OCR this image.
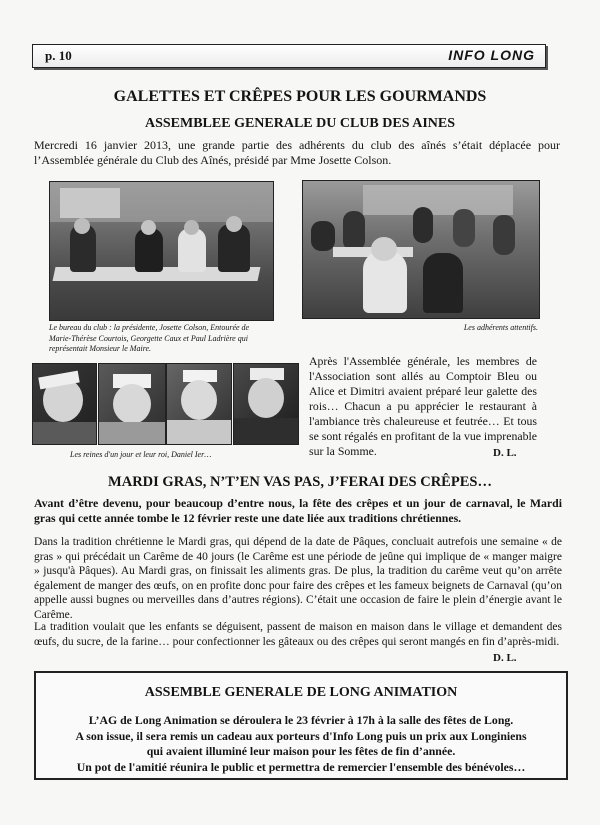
p. 10	INFO LONG
GALETTES ET CRÊPES POUR LES GOURMANDS
ASSEMBLEE GENERALE DU CLUB DES AINES
Mercredi 16 janvier 2013, une grande partie des adhérents du club des aînés s’était déplacée pour l’Assemblée générale du Club des Aînés, présidé par Mme Josette Colson.
Le bureau du club : la présidente, Josette Colson, Entourée de Marie-Thérèse Courtois, Georgette Caux et Paul Ladrière qui représentait Monsieur le Maire.
Les adhérents attentifs.
Les reines d'un jour et leur roi, Daniel Ier…
Après l'Assemblée générale, les membres de l'Association sont allés au Comptoir Bleu ou Alice et Dimitri avaient préparé leur galette des rois… Chacun a pu apprécier le restaurant à l'ambiance très chaleureuse et feutrée… Et tous se sont régalés en profitant de la vue imprenable sur la Somme.	D. L.
MARDI GRAS, N’T’EN VAS PAS, J’FERAI DES CRÊPES…
Avant d’être devenu, pour beaucoup d’entre nous, la fête des crêpes et un jour de carnaval, le Mardi gras qui cette année tombe le 12 février reste une date liée aux traditions chrétiennes.
Dans la tradition chrétienne le Mardi gras, qui dépend de la date de Pâques, concluait autrefois une semaine « de gras » qui précédait un Carême de 40 jours (le Carême est une période de jeûne qui implique de « manger maigre » jusqu'à Pâques). Au Mardi gras, on finissait les aliments gras. De plus, la tradition du carême veut qu’on arrête également de manger des œufs, on en profite donc pour faire des crêpes et les fameux beignets de Carnaval (qu’on appelle aussi bugnes ou merveilles dans d’autres régions). C’était une occasion de faire le plein d’énergie avant le Carême.
La tradition voulait que les enfants se déguisent, passent de maison en maison dans le village et demandent des œufs, du sucre, de la farine… pour confectionner les gâteaux ou des crêpes qui seront mangés en fin d’après-midi.
D. L.
ASSEMBLE GENERALE DE LONG ANIMATION
L’AG de Long Animation se déroulera le 23 février à 17h à la salle des fêtes de Long.
A son issue, il sera remis un cadeau aux porteurs d'Info Long puis un prix aux Longiniens
qui avaient illuminé leur maison pour les fêtes de fin d’année.
Un pot de l'amitié réunira le public et permettra de remercier l'ensemble des bénévoles…
